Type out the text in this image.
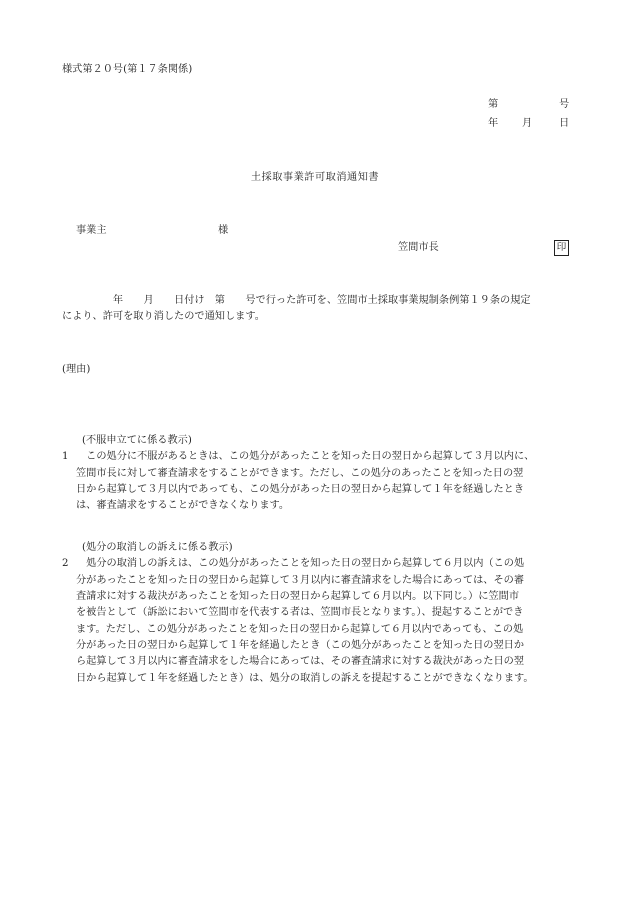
様式第２０号(第１７条関係)
第	号
年 月	日
土採取事業許可取消通知書
事業主	様
笠間市長	印
　　　　　年　　月　　日付け　第　　号で行った許可を、笠間市土採取事業規制条例第１９条の規定
により、許可を取り消したので通知します。
(理由)
(不服申立てに係る教示)
1 　この処分に不服があるときは、この処分があったことを知った日の翌日から起算して３月以内に、
笠間市長に対して審査請求をすることができます。ただし、この処分のあったことを知った日の翌
日から起算して３月以内であっても、この処分があった日の翌日から起算して１年を経過したとき
は、審査請求をすることができなくなります。
(処分の取消しの訴えに係る教示)
2 　処分の取消しの訴えは、この処分があったことを知った日の翌日から起算して６月以内（この処
分があったことを知った日の翌日から起算して３月以内に審査請求をした場合にあっては、その審
査請求に対する裁決があったことを知った日の翌日から起算して６月以内。以下同じ。）に笠間市
を被告として（訴訟において笠間市を代表する者は、笠間市長となります。）、提起することができ
ます。ただし、この処分があったことを知った日の翌日から起算して６月以内であっても、この処
分があった日の翌日から起算して１年を経過したとき（この処分があったことを知った日の翌日か
ら起算して３月以内に審査請求をした場合にあっては、その審査請求に対する裁決があった日の翌
日から起算して１年を経過したとき）は、処分の取消しの訴えを提起することができなくなります。
